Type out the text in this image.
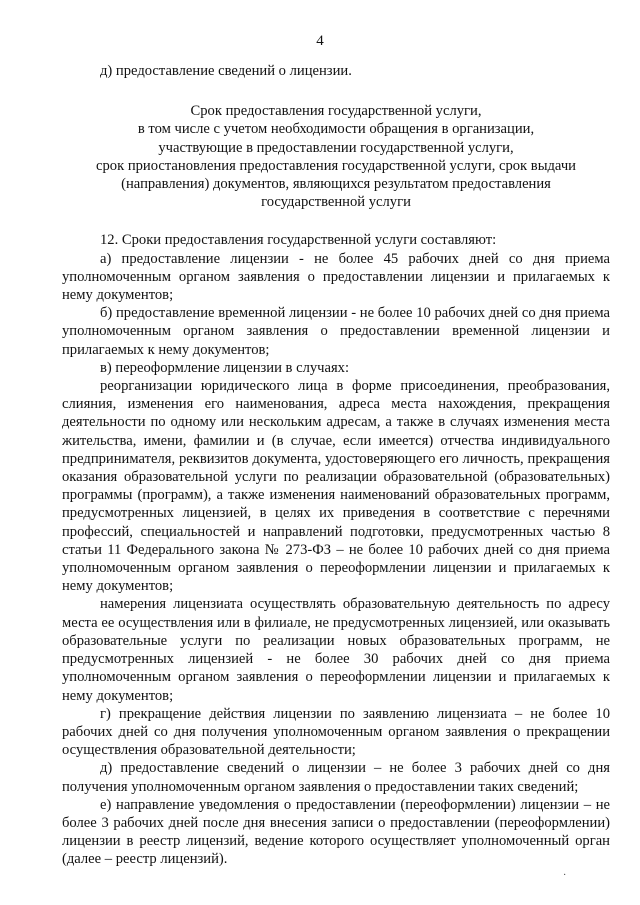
4

д) предоставление сведений о лицензии.

Срок предоставления государственной услуги,
в том числе с учетом необходимости обращения в организации,
участвующие в предоставлении государственной услуги,
срок приостановления предоставления государственной услуги, срок выдачи
(направления) документов, являющихся результатом предоставления
государственной услуги

12. Сроки предоставления государственной услуги составляют:

а) предоставление лицензии - не более 45 рабочих дней со дня приема уполномоченным органом заявления о предоставлении лицензии и прилагаемых к нему документов;

б) предоставление временной лицензии - не более 10 рабочих дней со дня приема уполномоченным органом заявления о предоставлении временной лицензии и прилагаемых к нему документов;

в) переоформление лицензии в случаях:

реорганизации юридического лица в форме присоединения, преобразования, слияния, изменения его наименования, адреса места нахождения, прекращения деятельности по одному или нескольким адресам, а также в случаях изменения места жительства, имени, фамилии и (в случае, если имеется) отчества индивидуального предпринимателя, реквизитов документа, удостоверяющего его личность, прекращения оказания образовательной услуги по реализации образовательной (образовательных) программы (программ), а также изменения наименований образовательных программ, предусмотренных лицензией, в целях их приведения в соответствие с перечнями профессий, специальностей и направлений подготовки, предусмотренных частью 8 статьи 11 Федерального закона № 273-ФЗ – не более 10 рабочих дней со дня приема уполномоченным органом заявления о переоформлении лицензии и прилагаемых к нему документов;

намерения лицензиата осуществлять образовательную деятельность по адресу места ее осуществления или в филиале, не предусмотренных лицензией, или оказывать образовательные услуги по реализации новых образовательных программ, не предусмотренных лицензией - не более 30 рабочих дней со дня приема уполномоченным органом заявления о переоформлении лицензии и прилагаемых к нему документов;

г) прекращение действия лицензии по заявлению лицензиата – не более 10 рабочих дней со дня получения уполномоченным органом заявления о прекращении осуществления образовательной деятельности;

д) предоставление сведений о лицензии – не более 3 рабочих дней со дня получения уполномоченным органом заявления о предоставлении таких сведений;

е) направление уведомления о предоставлении (переоформлении) лицензии – не более 3 рабочих дней после дня внесения записи о предоставлении (переоформлении) лицензии в реестр лицензий, ведение которого осуществляет уполномоченный орган (далее – реестр лицензий).

·
